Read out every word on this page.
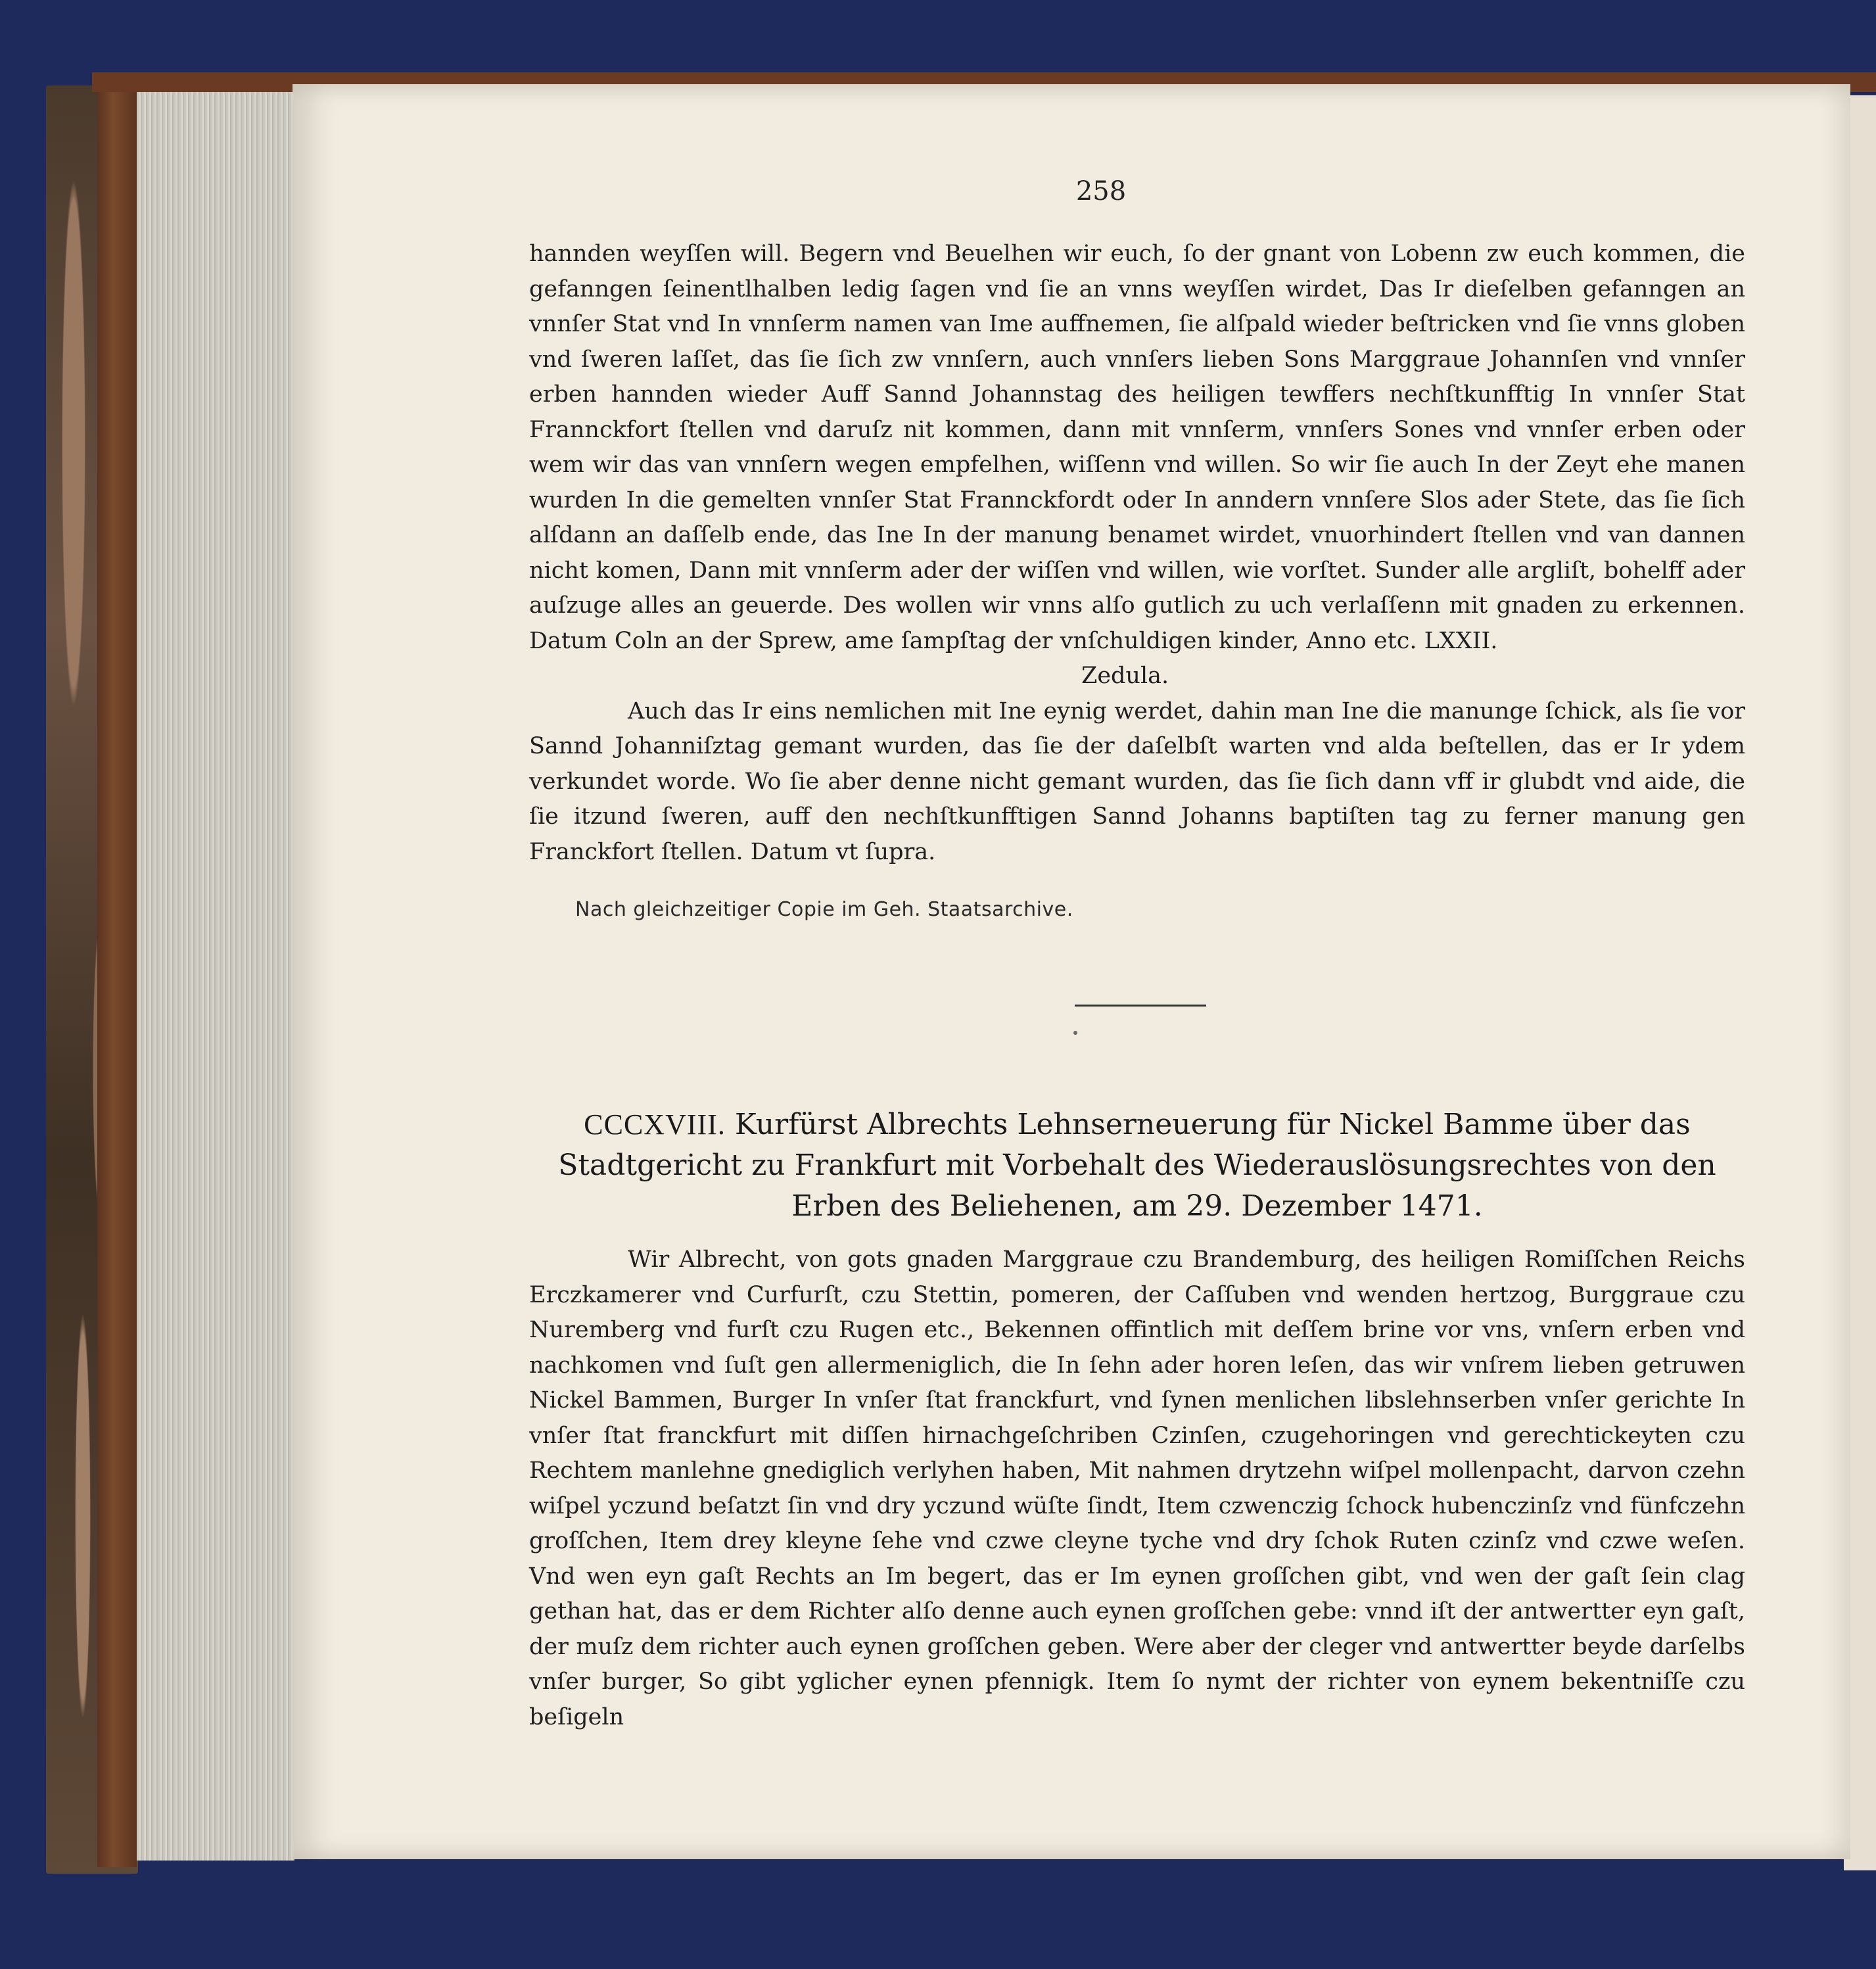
258

hannden weyſſen will. Begern vnd Beuelhen wir euch, ſo der gnant von Lobenn zw euch kommen, die gefanngen ſeinentlhalben ledig ſagen vnd ſie an vnns weyſſen wirdet, Das Ir dieſelben gefanngen an vnnſer Stat vnd In vnnſerm namen van Ime auffnemen, ſie alſpald wieder beſtricken vnd ſie vnns globen vnd ſweren laſſet, das ſie ſich zw vnnſern, auch vnnſers lieben Sons Marggraue Johannſen vnd vnnſer erben hannden wieder Auff Sannd Johannstag des heiligen tewffers nechſtkunfftig In vnnſer Stat Frannckfort ſtellen vnd daruſz nit kommen, dann mit vnnſerm, vnnſers Sones vnd vnnſer erben oder wem wir das van vnnſern wegen empfelhen, wiſſenn vnd willen. So wir ſie auch In der Zeyt ehe manen wurden In die gemelten vnnſer Stat Frannckfordt oder In anndern vnnſere Slos ader Stete, das ſie ſich alſdann an daſſelb ende, das Ine In der manung benamet wirdet, vnuorhindert ſtellen vnd van dannen nicht komen, Dann mit vnnſerm ader der wiſſen vnd willen, wie vorſtet. Sunder alle argliſt, bohelff ader auſzuge alles an geuerde. Des wollen wir vnns alſo gutlich zu uch verlaſſenn mit gnaden zu erkennen. Datum Coln an der Sprew, ame ſampſtag der vnſchuldigen kinder, Anno etc. LXXII.

Zedula.

Auch das Ir eins nemlichen mit Ine eynig werdet, dahin man Ine die manunge ſchick, als ſie vor Sannd Johanniſztag gemant wurden, das ſie der daſelbſt warten vnd alda beſtellen, das er Ir ydem verkundet worde. Wo ſie aber denne nicht gemant wurden, das ſie ſich dann vff ir glubdt vnd aide, die ſie itzund ſweren, auff den nechſtkunfftigen Sannd Johanns baptiſten tag zu ferner manung gen Franckfort ſtellen. Datum vt ſupra.

Nach gleichzeitiger Copie im Geh. Staatsarchive.
CCCXVIII. Kurfürst Albrechts Lehnserneuerung für Nickel Bamme über das Stadtgericht zu Frankfurt mit Vorbehalt des Wiederauslösungsrechtes von den Erben des Beliehenen, am 29. Dezember 1471.

Wir Albrecht, von gots gnaden Marggraue czu Brandemburg, des heiligen Romiſſchen Reichs Erczkamerer vnd Curfurſt, czu Stettin, pomeren, der Caſſuben vnd wenden hertzog, Burggraue czu Nuremberg vnd furſt czu Rugen etc., Bekennen offintlich mit deſſem brine vor vns, vnſern erben vnd nachkomen vnd ſuſt gen allermeniglich, die In ſehn ader horen leſen, das wir vnſrem lieben getruwen Nickel Bammen, Burger In vnſer ſtat franckfurt, vnd ſynen menlichen libslehnserben vnſer gerichte In vnſer ſtat franckfurt mit diſſen hirnachgeſchriben Czinſen, czugehoringen vnd gerechtickeyten czu Rechtem manlehne gnediglich verlyhen haben, Mit nahmen drytzehn wiſpel mollenpacht, darvon czehn wiſpel yczund beſatzt ſin vnd dry yczund wüſte ſindt, Item czwenczig ſchock hubenczinſz vnd fünfczehn groſſchen, Item drey kleyne ſehe vnd czwe cleyne tyche vnd dry ſchok Ruten czinſz vnd czwe weſen. Vnd wen eyn gaſt Rechts an Im begert, das er Im eynen groſſchen gibt, vnd wen der gaſt ſein clag gethan hat, das er dem Richter alſo denne auch eynen groſſchen gebe: vnnd iſt der antwertter eyn gaſt, der muſz dem richter auch eynen groſſchen geben. Were aber der cleger vnd antwertter beyde darſelbs vnſer burger, So gibt yglicher eynen pfennigk. Item ſo nymt der richter von eynem bekentniſſe czu beſigeln
